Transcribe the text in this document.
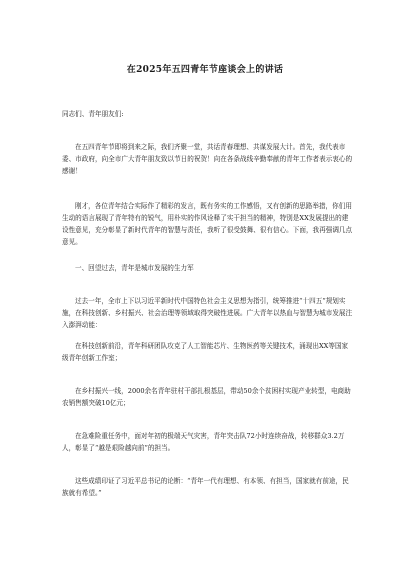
在2025年五四青年节座谈会上的讲话

同志们、青年朋友们:

在五四青年节即将到来之际，我们齐聚一堂，共话青春理想、共谋发展大计。首先，我代表市委、市政府，向全市广大青年朋友致以节日的祝贺！向在各条战线辛勤奉献的青年工作者表示衷心的感谢！

刚才，各位青年结合实际作了精彩的发言，既有务实的工作感悟，又有创新的思路举措，你们用生动的语言展现了青年特有的锐气，用朴实的作风诠释了实干担当的精神，特别是XX发展提出的建设性意见，充分彰显了新时代青年的智慧与责任，我听了很受鼓舞、很有信心。下面，我再强调几点意见。

一、回望过去，青年是城市发展的生力军

过去一年，全市上下以习近平新时代中国特色社会主义思想为指引，统筹推进“十四五”规划实施，在科技创新、乡村振兴、社会治理等领域取得突破性进展。广大青年以热血与智慧为城市发展注入澎湃动能：

在科技创新前沿，青年科研团队攻克了人工智能芯片、生物医药等关键技术，涌现出XX等国家级青年创新工作室；

在乡村振兴一线，2000余名青年驻村干部扎根基层，带动50余个贫困村实现产业转型，电商助农销售额突破10亿元；

在急难险重任务中，面对年初的极端天气灾害，青年突击队72小时连续奋战，转移群众3.2万人，彰显了“越是艰险越向前”的担当。

这些成绩印证了习近平总书记的论断：“青年一代有理想、有本领、有担当，国家就有前途，民族就有希望。”
